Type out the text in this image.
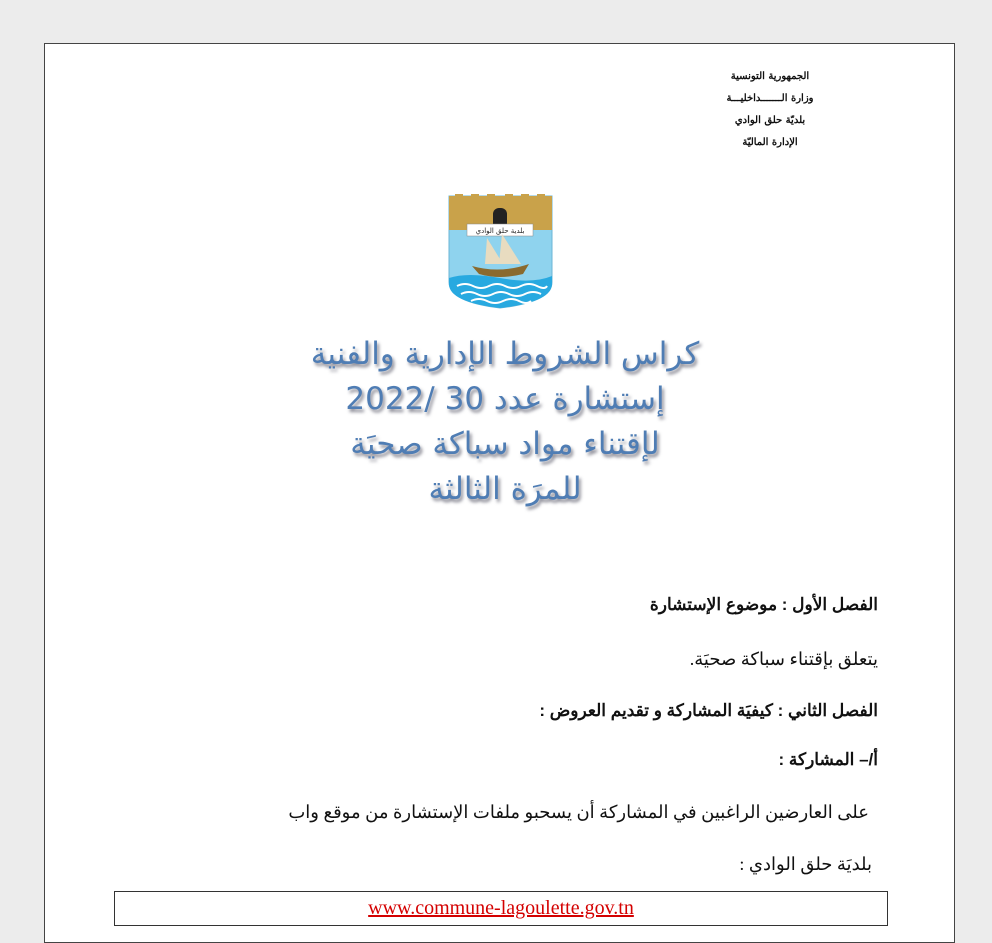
الجمهورية التونسية
وزارة الـــــــداخليـــة
بلديّة حلق الوادي
الإدارة الماليّة
بلدية حلق الوادي
كراس الشروط الإدارية والفنية
إستشارة عدد 30 /2022
لإقتناء مواد سباكة صحيَة
للمرَة الثالثة
الفصل الأول : موضوع الإستشارة
يتعلق بإقتناء سباكة صحيَة.
الفصل الثاني : كيفيَة المشاركة و تقديم العروض :
أ/– المشاركة :
على العارضين الراغبين في المشاركة أن يسحبو ملفات الإستشارة من موقع واب
بلديَة حلق الوادي :
www.commune-lagoulette.gov.tn
